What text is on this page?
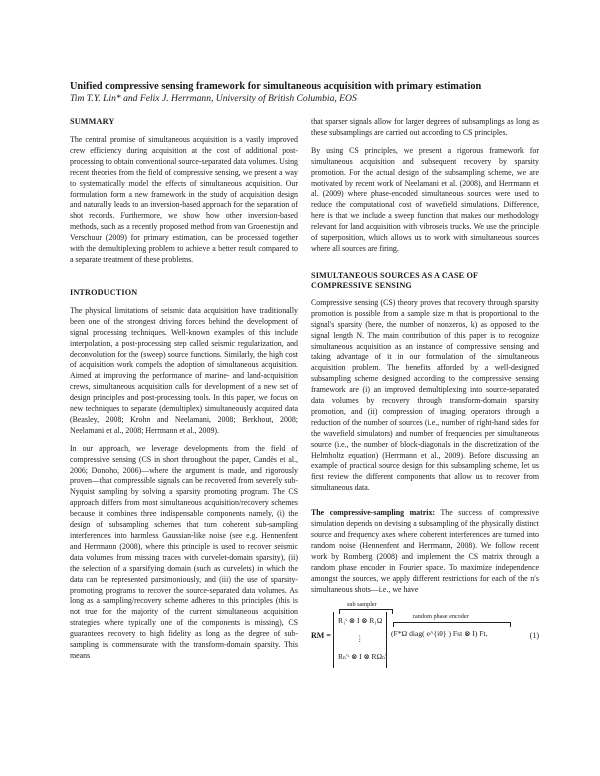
Unified compressive sensing framework for simultaneous acquisition with primary estimation
Tim T.Y. Lin* and Felix J. Herrmann, University of British Columbia, EOS
SUMMARY

The central promise of simultaneous acquisition is a vastly improved crew efficiency during acquisition at the cost of additional post-processing to obtain conventional source-separated data volumes. Using recent theories from the field of compressive sensing, we present a way to systematically model the effects of simultaneous acquisition. Our formulation form a new framework in the study of acquisition design and naturally leads to an inversion-based approach for the separation of shot records. Furthermore, we show how other inversion-based methods, such as a recently proposed method from van Groenestijn and Verschuur (2009) for primary estimation, can be processed together with the demultiplexing problem to achieve a better result compared to a separate treatment of these problems.

INTRODUCTION

The physical limitations of seismic data acquisition have traditionally been one of the strongest driving forces behind the development of signal processing techniques. Well-known examples of this include interpolation, a post-processing step called seismic regularization, and deconvolution for the (sweep) source functions. Similarly, the high cost of acquisition work compels the adoption of simultaneous acquisition. Aimed at improving the performance of marine- and land-acquisition crews, simultaneous acquisition calls for development of a new set of design principles and post-processing tools. In this paper, we focus on new techniques to separate (demultiplex) simultaneously acquired data (Beasley, 2008; Krohn and Neelamani, 2008; Berkhout, 2008; Neelamani et al., 2008; Herrmann et al., 2009).

In our approach, we leverage developments from the field of compressive sensing (CS in short throughout the paper, Candès et al., 2006; Donoho, 2006)—where the argument is made, and rigorously proven—that compressible signals can be recovered from severely sub-Nyquist sampling by solving a sparsity promoting program. The CS approach differs from most simultaneous acquisition/recovery schemes because it combines three indispensable components namely, (i) the design of subsampling schemes that turn coherent sub-sampling interferences into harmless Gaussian-like noise (see e.g. Hennenfent and Herrmann (2008), where this principle is used to recover seismic data volumes from missing traces with curvelet-domain sparsity), (ii) the selection of a sparsifying domain (such as curvelets) in which the data can be represented parsimoniously, and (iii) the use of sparsity-promoting programs to recover the source-separated data volumes. As long as a sampling/recovery scheme adheres to this principles (this is not true for the majority of the current simultaneous acquisition strategies where typically one of the components is missing), CS guarantees recovery to high fidelity as long as the degree of sub-sampling is commensurate with the transform-domain sparsity. This means

that sparser signals allow for larger degrees of subsamplings as long as these subsamplings are carried out according to CS principles.

By using CS principles, we present a rigorous framework for simultaneous acquisition and subsequent recovery by sparsity promotion. For the actual design of the subsampling scheme, we are motivated by recent work of Neelamani et al. (2008), and Herrmann et al. (2009) where phase-encoded simultaneous sources were used to reduce the computational cost of wavefield simulations. Difference, here is that we include a sweep function that makes our methodology relevant for land acquisition with vibroseis trucks. We use the principle of superposition, which allows us to work with simultaneous sources where all sources are firing.

SIMULTANEOUS SOURCES AS A CASE OF COMPRESSIVE SENSING

Compressive sensing (CS) theory proves that recovery through sparsity promotion is possible from a sample size m that is proportional to the signal's sparsity (here, the number of nonzeros, k) as opposed to the signal length N. The main contribution of this paper is to recognize simultaneous acquisition as an instance of compressive sensing and taking advantage of it in our formulation of the simultaneous acquisition problem. The benefits afforded by a well-designed subsampling scheme designed according to the compressive sensing framework are (i) an improved demultiplexing into source-separated data volumes by recovery through transform-domain sparsity promotion, and (ii) compression of imaging operators through a reduction of the number of sources (i.e., number of right-hand sides for the wavefield simulators) and number of frequencies per simultaneous source (i.e., the number of block-diagonals in the discretization of the Helmholtz equation) (Herrmann et al., 2009). Before discussing an example of practical source design for this subsampling scheme, let us first review the different components that allow us to recover from simultaneous data.

The compressive-sampling matrix: The success of compressive simulation depends on devising a subsampling of the physically distinct source and frequency axes where coherent interferences are turned into random noise (Hennenfent and Herrmann, 2008). We follow recent work by Romberg (2008) and implement the CS matrix through a random phase encoder in Fourier space. To maximize independence amongst the sources, we apply different restrictions for each of the n′s simultaneous shots—i.e., we have

sub sampler
RM =
R₁ˢ ⊗ I ⊗ R₁Ω
⋮
Rₙ′ˢ ⊗ I ⊗ RΩₙ′
random phase encoder
(F*Ω diag( e^{iθ} ) Fst ⊗ I) Ft,	(1)
